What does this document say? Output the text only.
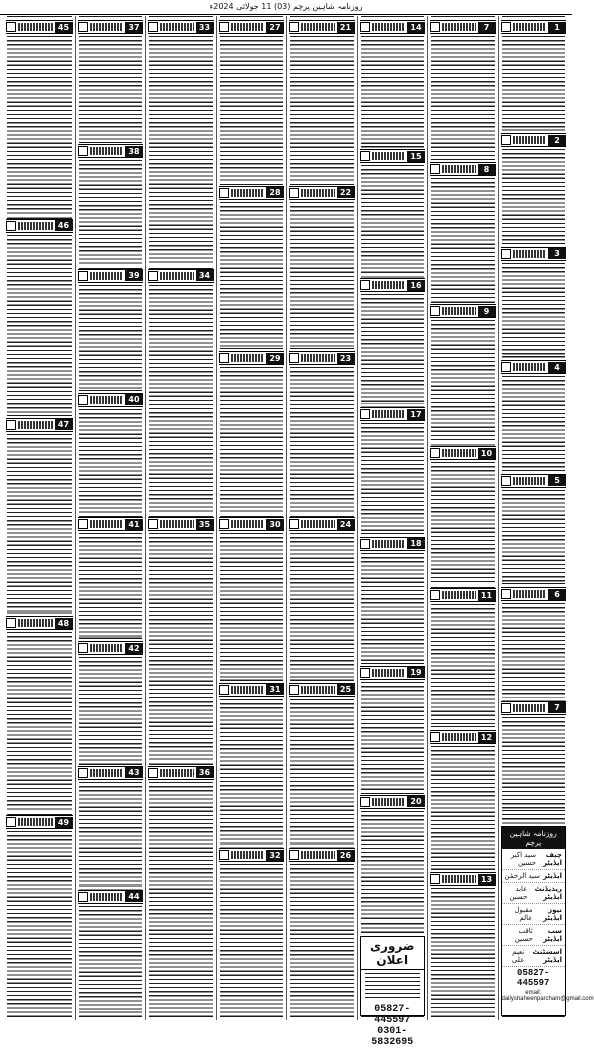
روزنامہ شاہین پرچم (03) 11 جولائی 2024ء
1
2
3
4
5
6
7
روزنامہ شاہین پرچم
چیف ایڈیٹر
سید اکبر حسین
ایڈیٹر
سید الرحمٰن
ریذیڈنٹ ایڈیٹر
عابد حسین
نیوز ایڈیٹر
مقبول عالم
سب ایڈیٹر
ثاقب حسین
اسسٹنٹ ایڈیٹر
نعیم علی
05827-445597
email: dailyshaheenparcham@gmail.com
7
8
9
10
11
12
13
14
15
16
17
18
19
20
ضروری اعلان
05827-445597
0301-5832695
21
22
23
24
25
26
27
28
29
30
31
32
33
34
35
36
37
38
39
40
41
42
43
44
45
46
47
48
49
